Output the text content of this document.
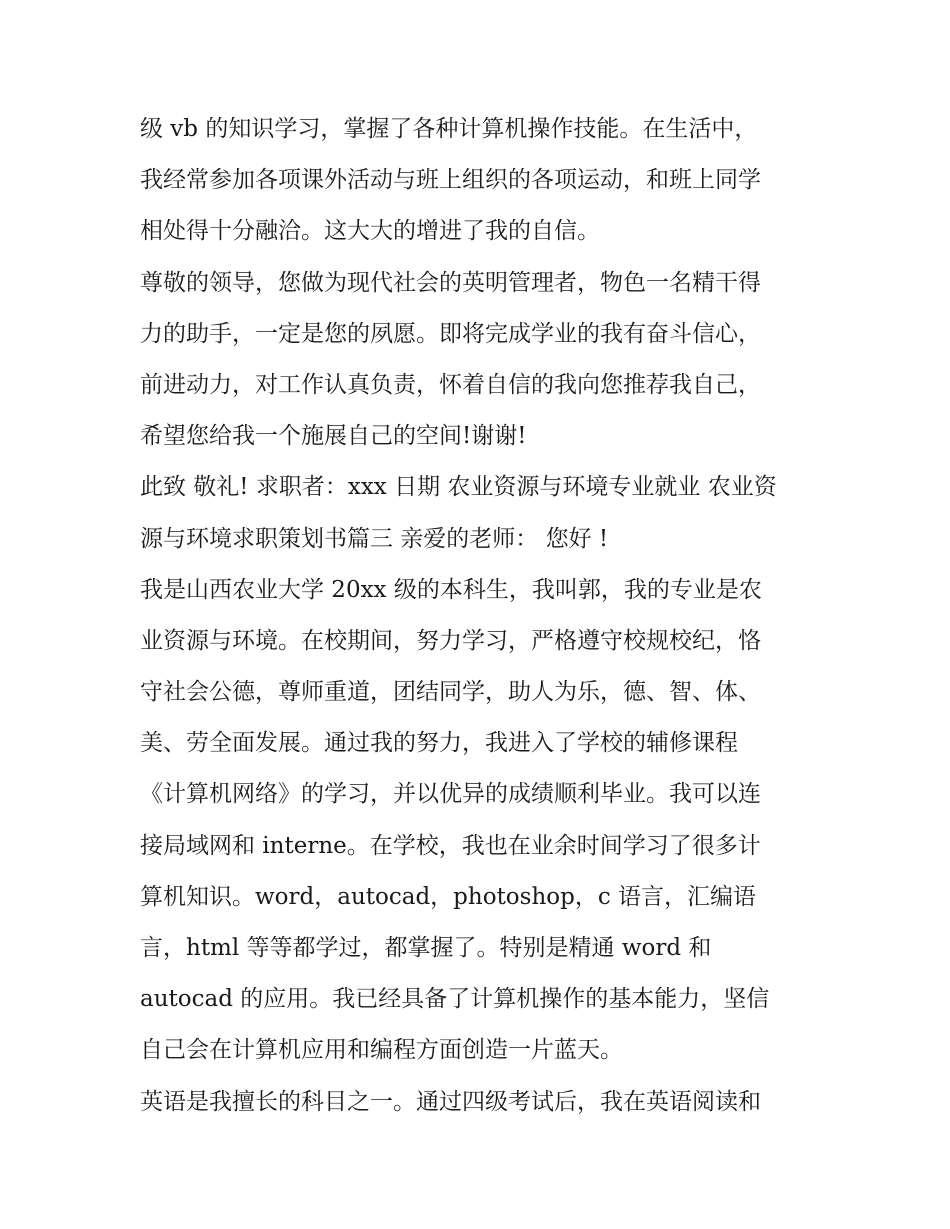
级 vb 的知识学习，掌握了各种计算机操作技能。在生活中，
我经常参加各项课外活动与班上组织的各项运动，和班上同学
相处得十分融洽。这大大的增进了我的自信。
尊敬的领导，您做为现代社会的英明管理者，物色一名精干得
力的助手，一定是您的夙愿。即将完成学业的我有奋斗信心，
前进动力，对工作认真负责，怀着自信的我向您推荐我自己，
希望您给我一个施展自己的空间!谢谢!
此致 敬礼! 求职者：xxx 日期 农业资源与环境专业就业 农业资
源与环境求职策划书篇三 亲爱的老师： 您好 !
我是山西农业大学 20xx 级的本科生，我叫郭，我的专业是农
业资源与环境。在校期间，努力学习，严格遵守校规校纪，恪
守社会公德，尊师重道，团结同学，助人为乐，德、智、体、
美、劳全面发展。通过我的努力，我进入了学校的辅修课程
《计算机网络》的学习，并以优异的成绩顺利毕业。我可以连
接局域网和 interne。在学校，我也在业余时间学习了很多计
算机知识。word，autocad，photoshop，c 语言，汇编语
言，html 等等都学过，都掌握了。特别是精通 word 和
autocad 的应用。我已经具备了计算机操作的基本能力，坚信
自己会在计算机应用和编程方面创造一片蓝天。
英语是我擅长的科目之一。通过四级考试后，我在英语阅读和
